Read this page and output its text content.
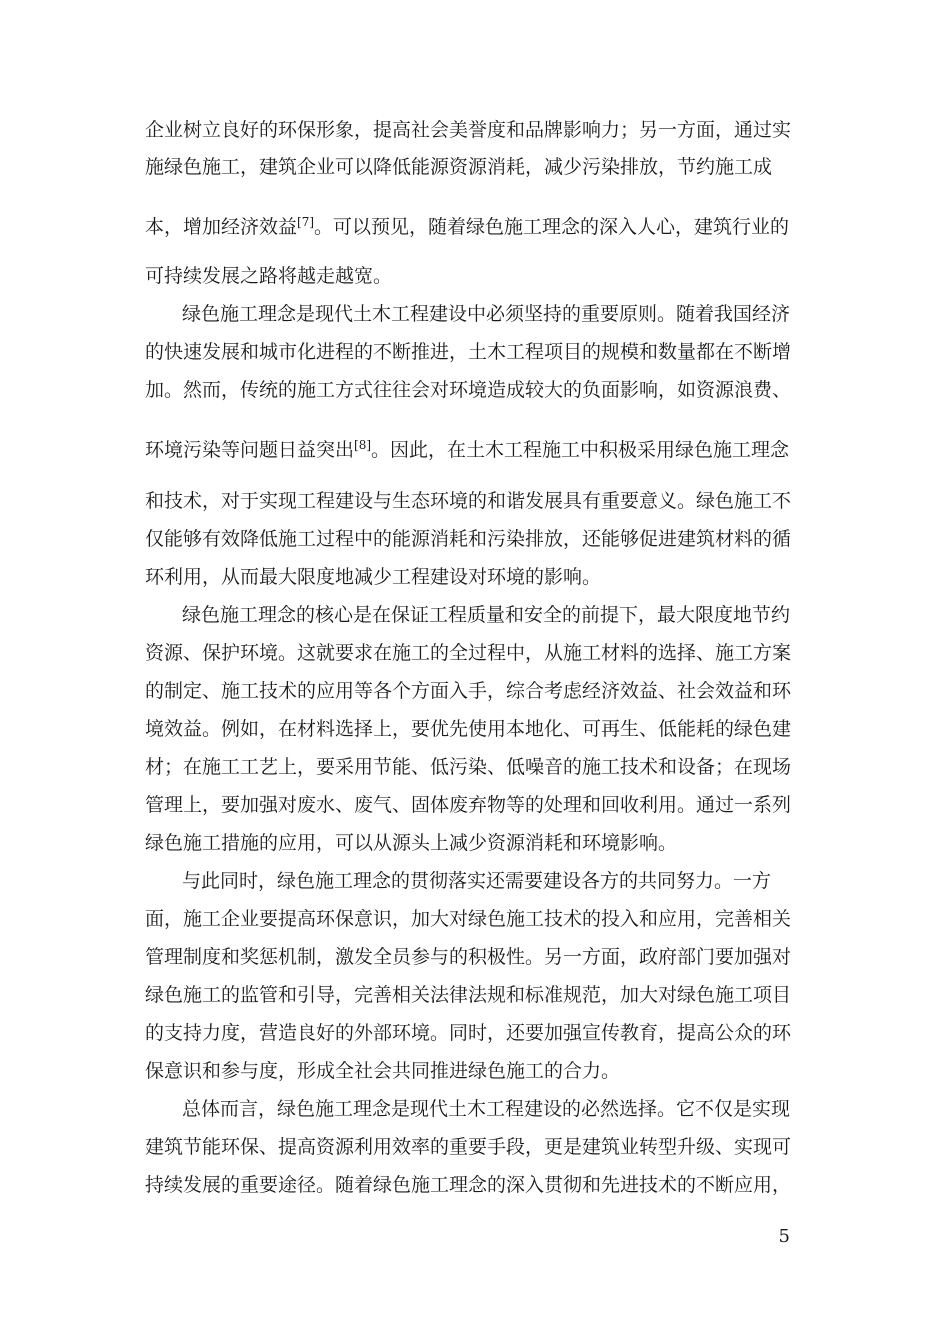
企业树立良好的环保形象，提高社会美誉度和品牌影响力；另一方面，通过实
施绿色施工，建筑企业可以降低能源资源消耗，减少污染排放，节约施工成
本，增加经济效益[7]。可以预见，随着绿色施工理念的深入人心，建筑行业的
可持续发展之路将越走越宽。
绿色施工理念是现代土木工程建设中必须坚持的重要原则。随着我国经济
的快速发展和城市化进程的不断推进，土木工程项目的规模和数量都在不断增
加。然而，传统的施工方式往往会对环境造成较大的负面影响，如资源浪费、
环境污染等问题日益突出[8]。因此，在土木工程施工中积极采用绿色施工理念
和技术，对于实现工程建设与生态环境的和谐发展具有重要意义。绿色施工不
仅能够有效降低施工过程中的能源消耗和污染排放，还能够促进建筑材料的循
环利用，从而最大限度地减少工程建设对环境的影响。
绿色施工理念的核心是在保证工程质量和安全的前提下，最大限度地节约
资源、保护环境。这就要求在施工的全过程中，从施工材料的选择、施工方案
的制定、施工技术的应用等各个方面入手，综合考虑经济效益、社会效益和环
境效益。例如，在材料选择上，要优先使用本地化、可再生、低能耗的绿色建
材；在施工工艺上，要采用节能、低污染、低噪音的施工技术和设备；在现场
管理上，要加强对废水、废气、固体废弃物等的处理和回收利用。通过一系列
绿色施工措施的应用，可以从源头上减少资源消耗和环境影响。
与此同时，绿色施工理念的贯彻落实还需要建设各方的共同努力。一方
面，施工企业要提高环保意识，加大对绿色施工技术的投入和应用，完善相关
管理制度和奖惩机制，激发全员参与的积极性。另一方面，政府部门要加强对
绿色施工的监管和引导，完善相关法律法规和标准规范，加大对绿色施工项目
的支持力度，营造良好的外部环境。同时，还要加强宣传教育，提高公众的环
保意识和参与度，形成全社会共同推进绿色施工的合力。
总体而言，绿色施工理念是现代土木工程建设的必然选择。它不仅是实现
建筑节能环保、提高资源利用效率的重要手段，更是建筑业转型升级、实现可
持续发展的重要途径。随着绿色施工理念的深入贯彻和先进技术的不断应用，
5
